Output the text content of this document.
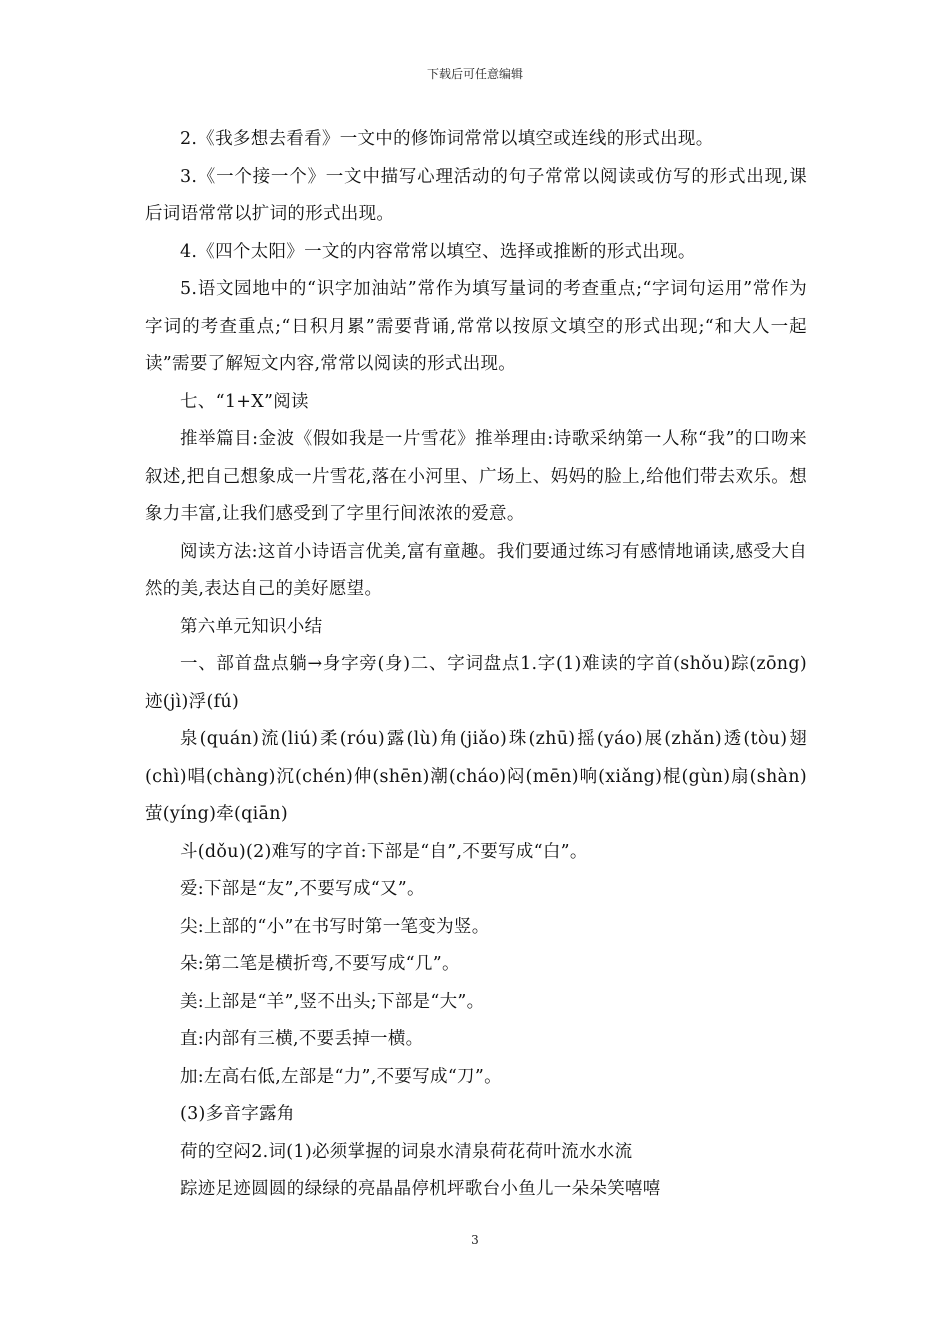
下载后可任意编辑

2.《我多想去看看》一文中的修饰词常常以填空或连线的形式出现。

3.《一个接一个》一文中描写心理活动的句子常常以阅读或仿写的形式出现,课后词语常常以扩词的形式出现。

4.《四个太阳》一文的内容常常以填空、选择或推断的形式出现。

5.语文园地中的“识字加油站”常作为填写量词的考查重点;“字词句运用”常作为字词的考查重点;“日积月累”需要背诵,常常以按原文填空的形式出现;“和大人一起读”需要了解短文内容,常常以阅读的形式出现。

七、“1+X”阅读

推举篇目:金波《假如我是一片雪花》推举理由:诗歌采纳第一人称“我”的口吻来叙述,把自己想象成一片雪花,落在小河里、广场上、妈妈的脸上,给他们带去欢乐。想象力丰富,让我们感受到了字里行间浓浓的爱意。

阅读方法:这首小诗语言优美,富有童趣。我们要通过练习有感情地诵读,感受大自然的美,表达自己的美好愿望。

第六单元知识小结

一、部首盘点躺→身字旁(身)二、字词盘点1.字(1)难读的字首(shǒu)踪(zōng)迹(jì)浮(fú)

泉(quán)流(liú)柔(róu)露(lù)角(jiǎo)珠(zhū)摇(yáo)展(zhǎn)透(tòu)翅(chì)唱(chàng)沉(chén)伸(shēn)潮(cháo)闷(mēn)响(xiǎng)棍(gùn)扇(shàn)萤(yíng)牵(qiān)

斗(dǒu)(2)难写的字首:下部是“自”,不要写成“白”。

爱:下部是“友”,不要写成“又”。

尖:上部的“小”在书写时第一笔变为竖。

朵:第二笔是横折弯,不要写成“几”。

美:上部是“羊”,竖不出头;下部是“大”。

直:内部有三横,不要丢掉一横。

加:左高右低,左部是“力”,不要写成“刀”。

(3)多音字露角

荷的空闷2.词(1)必须掌握的词泉水清泉荷花荷叶流水水流

踪迹足迹圆圆的绿绿的亮晶晶停机坪歌台小鱼儿一朵朵笑嘻嘻

3
